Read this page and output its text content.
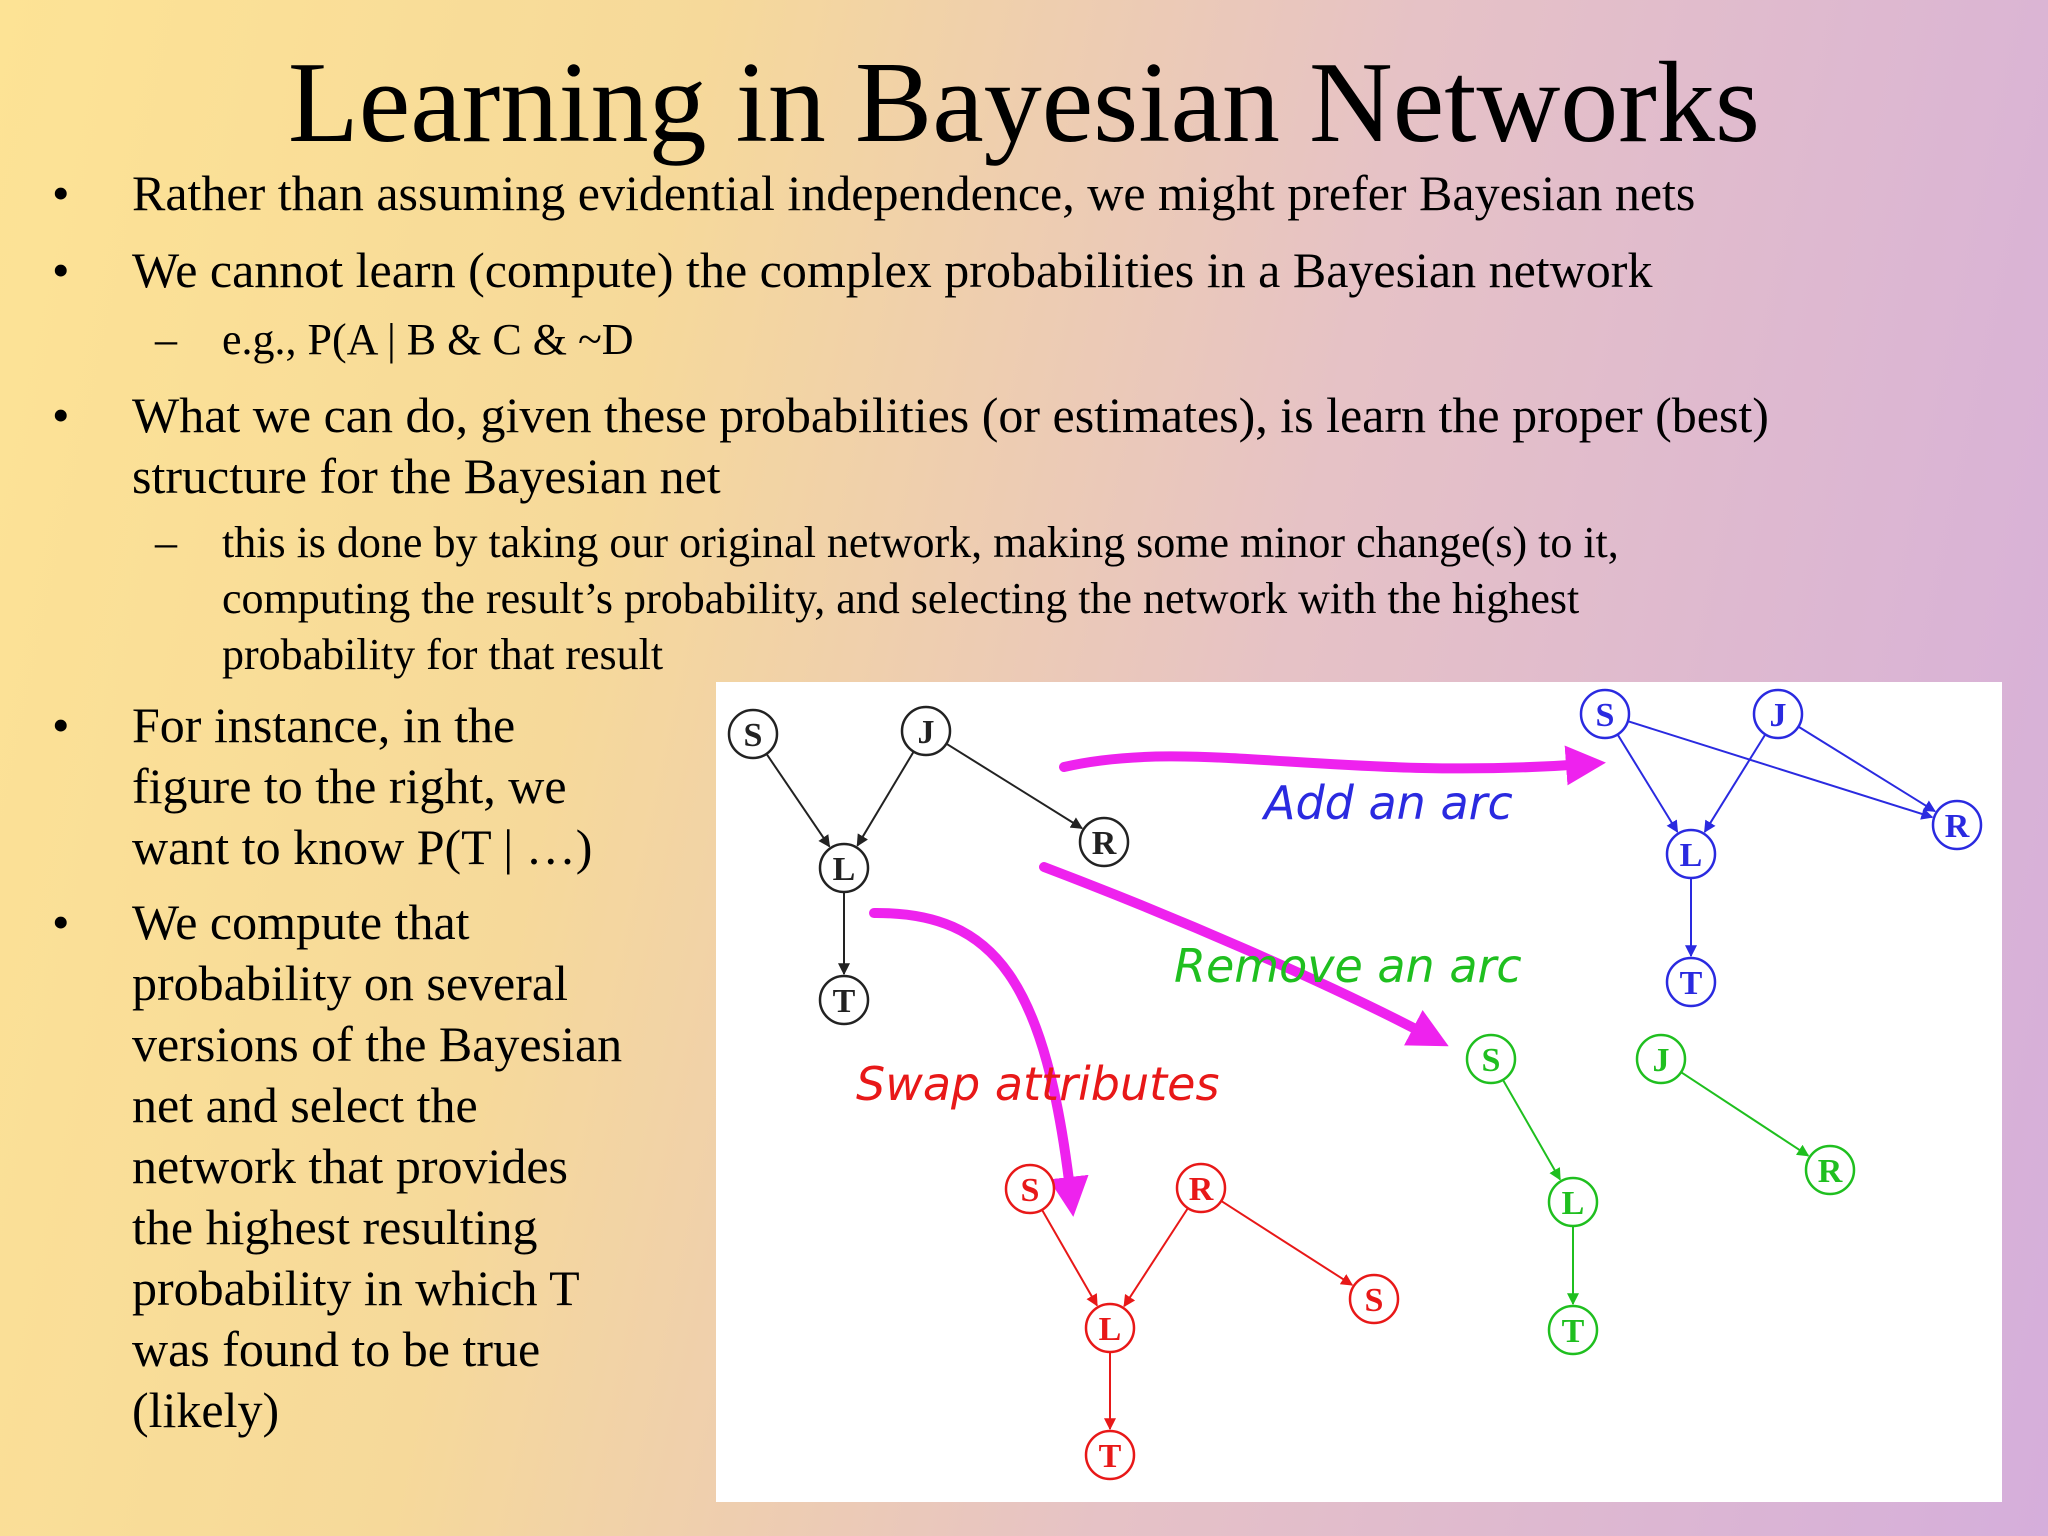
Learning in Bayesian Networks
• Rather than assuming evidential independence, we might prefer Bayesian nets
• We cannot learn (compute) the complex probabilities in a Bayesian network
– e.g., P(A | B & C & ~D
• What we can do, given these probabilities (or estimates), is learn the proper (best)
structure for the Bayesian net
– this is done by taking our original network, making some minor change(s) to it,
computing the result’s probability, and selecting the network with the highest
probability for that result
• For instance, in the
figure to the right, we
want to know P(T | …)
• We compute that
probability on several
versions of the Bayesian
net and select the
network that provides
the highest resulting
probability in which T
was found to be true
(likely)
S	J
L
R
T
S	J
L
R
T
S	J
L
R
T
S	R
L
S
T
Add an arc
Remove an arc
Swap attributes
